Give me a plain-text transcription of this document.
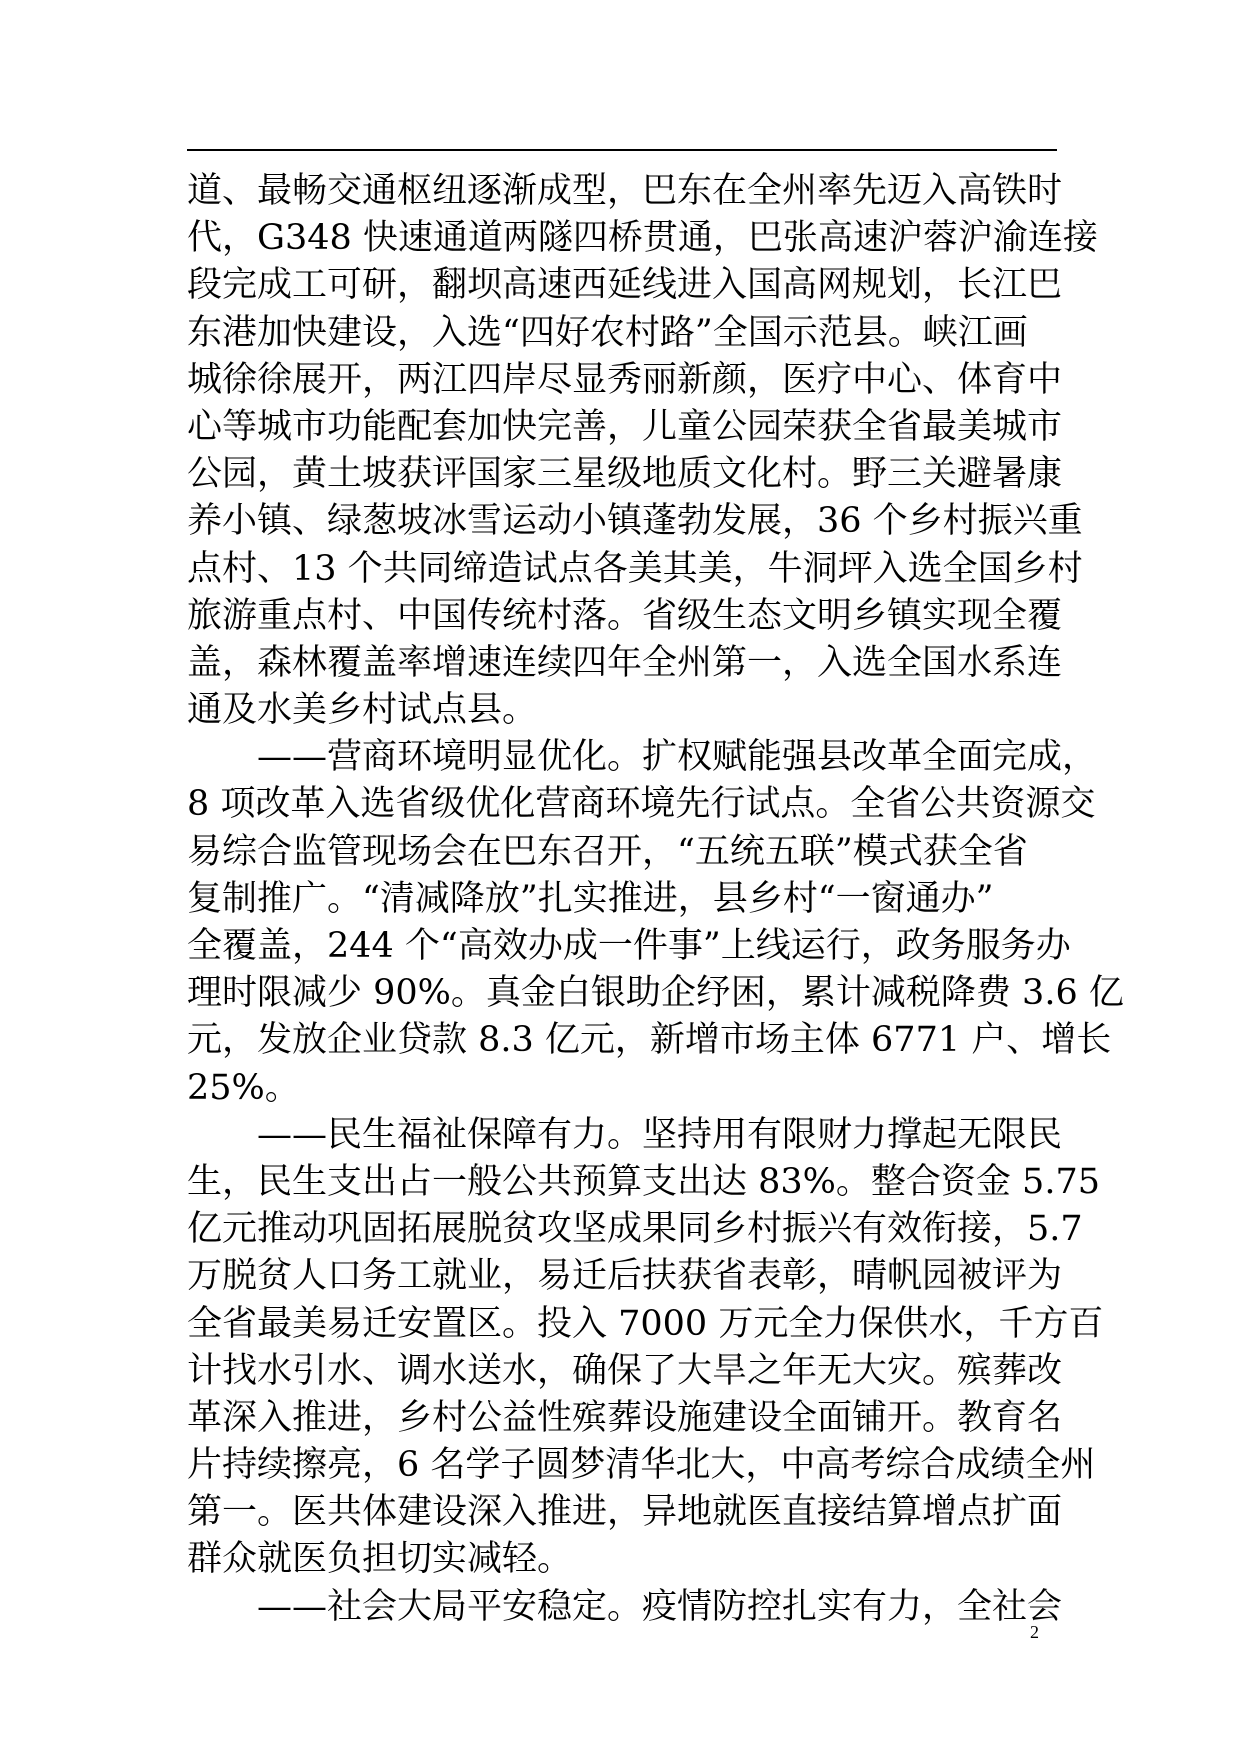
道、最畅交通枢纽逐渐成型，巴东在全州率先迈入高铁时
代，G348 快速通道两隧四桥贯通，巴张高速沪蓉沪渝连接
段完成工可研，翻坝高速西延线进入国高网规划，长江巴
东港加快建设，入选“四好农村路”全国示范县。峡江画
城徐徐展开，两江四岸尽显秀丽新颜，医疗中心、体育中
心等城市功能配套加快完善，儿童公园荣获全省最美城市
公园，黄土坡获评国家三星级地质文化村。野三关避暑康
养小镇、绿葱坡冰雪运动小镇蓬勃发展，36 个乡村振兴重
点村、13 个共同缔造试点各美其美，牛洞坪入选全国乡村
旅游重点村、中国传统村落。省级生态文明乡镇实现全覆
盖，森林覆盖率增速连续四年全州第一，入选全国水系连
通及水美乡村试点县。
——营商环境明显优化。扩权赋能强县改革全面完成，
8 项改革入选省级优化营商环境先行试点。全省公共资源交
易综合监管现场会在巴东召开，“五统五联”模式获全省
复制推广。“清减降放”扎实推进，县乡村“一窗通办”
全覆盖，244 个“高效办成一件事”上线运行，政务服务办
理时限减少 90%。真金白银助企纾困，累计减税降费 3.6 亿
元，发放企业贷款 8.3 亿元，新增市场主体 6771 户、增长
25%。
——民生福祉保障有力。坚持用有限财力撑起无限民
生，民生支出占一般公共预算支出达 83%。整合资金 5.75
亿元推动巩固拓展脱贫攻坚成果同乡村振兴有效衔接，5.7
万脱贫人口务工就业，易迁后扶获省表彰，晴帆园被评为
全省最美易迁安置区。投入 7000 万元全力保供水，千方百
计找水引水、调水送水，确保了大旱之年无大灾。殡葬改
革深入推进，乡村公益性殡葬设施建设全面铺开。教育名
片持续擦亮，6 名学子圆梦清华北大，中高考综合成绩全州
第一。医共体建设深入推进，异地就医直接结算增点扩面
群众就医负担切实减轻。
——社会大局平安稳定。疫情防控扎实有力，全社会
2
